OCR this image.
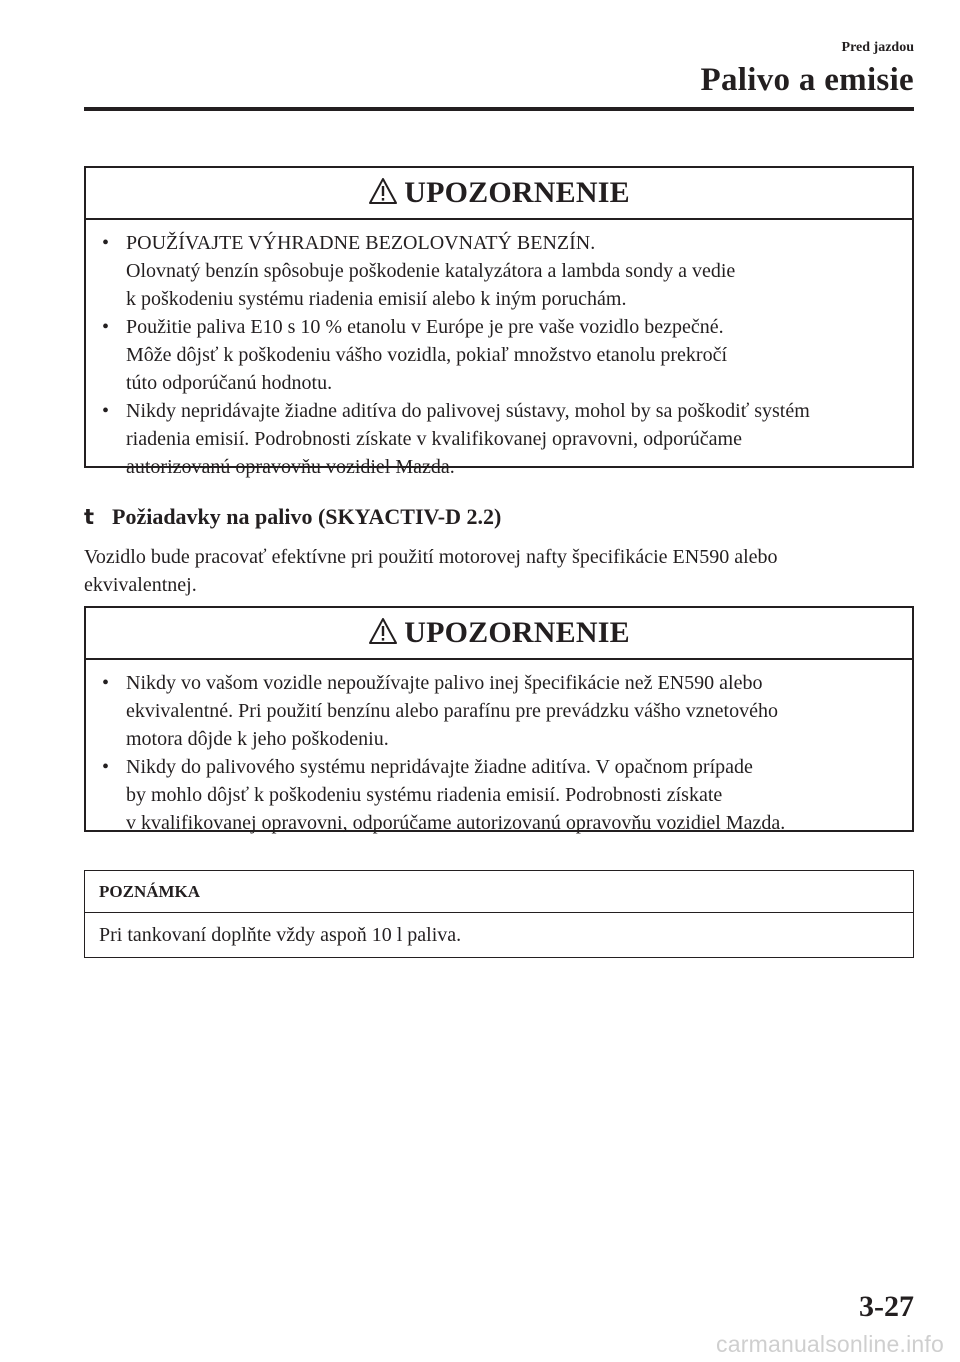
Pred jazdou
Palivo a emisie
UPOZORNENIE
• POUŽÍVAJTE VÝHRADNE BEZOLOVNATÝ BENZÍN.
Olovnatý benzín spôsobuje poškodenie katalyzátora a lambda sondy a vedie
k poškodeniu systému riadenia emisií alebo k iným poruchám.
• Použitie paliva E10 s 10 % etanolu v Európe je pre vaše vozidlo bezpečné.
Môže dôjsť k poškodeniu vášho vozidla, pokiaľ množstvo etanolu prekročí
túto odporúčanú hodnotu.
• Nikdy nepridávajte žiadne aditíva do palivovej sústavy, mohol by sa poškodiť systém
riadenia emisií. Podrobnosti získate v kvalifikovanej opravovni, odporúčame
autorizovanú opravovňu vozidiel Mazda.
t Požiadavky na palivo (SKYACTIV-D 2.2)
Vozidlo bude pracovať efektívne pri použití motorovej nafty špecifikácie EN590 alebo
ekvivalentnej.
UPOZORNENIE
• Nikdy vo vašom vozidle nepoužívajte palivo inej špecifikácie než EN590 alebo
ekvivalentné. Pri použití benzínu alebo parafínu pre prevádzku vášho vznetového
motora dôjde k jeho poškodeniu.
• Nikdy do palivového systému nepridávajte žiadne aditíva. V opačnom prípade
by mohlo dôjsť k poškodeniu systému riadenia emisií. Podrobnosti získate
v kvalifikovanej opravovni, odporúčame autorizovanú opravovňu vozidiel Mazda.
POZNÁMKA
Pri tankovaní doplňte vždy aspoň 10 l paliva.
3-27
carmanualsonline.info
